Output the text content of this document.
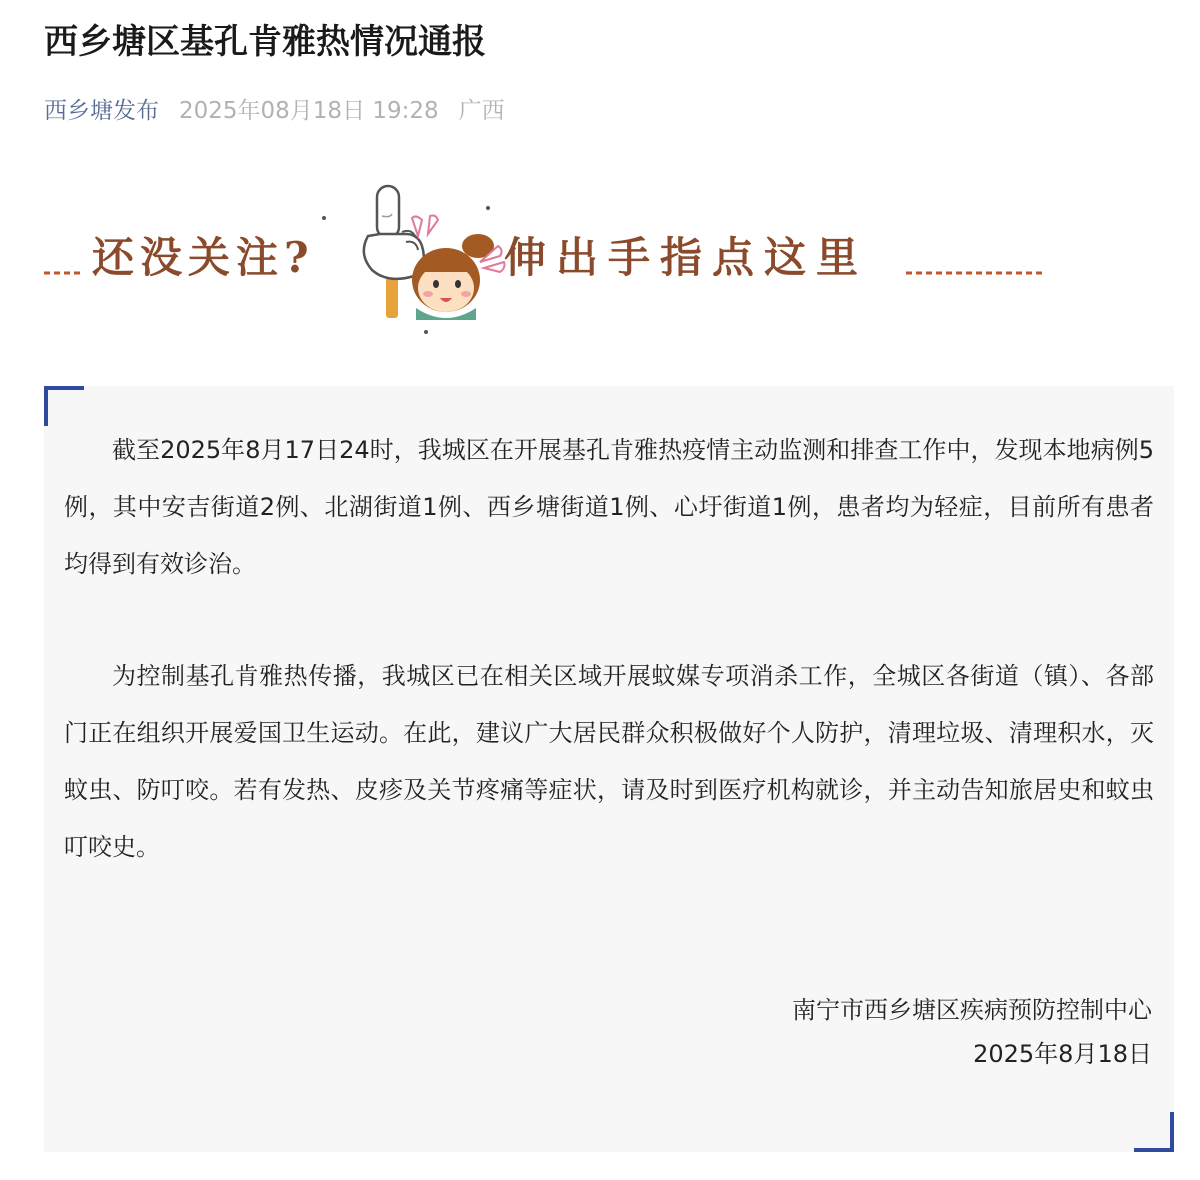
西乡塘区基孔肯雅热情况通报
西乡塘发布 2025年08月18日 19:28 广西
还没关注?	伸出手指点这里

截至2025年8月17日24时，我城区在开展基孔肯雅热疫情主动监测和排查工作中，发现本地病例5例，其中安吉街道2例、北湖街道1例、西乡塘街道1例、心圩街道1例，患者均为轻症，目前所有患者均得到有效诊治。

为控制基孔肯雅热传播，我城区已在相关区域开展蚊媒专项消杀工作，全城区各街道（镇）、各部门正在组织开展爱国卫生运动。在此，建议广大居民群众积极做好个人防护，清理垃圾、清理积水，灭蚊虫、防叮咬。若有发热、皮疹及关节疼痛等症状，请及时到医疗机构就诊，并主动告知旅居史和蚊虫叮咬史。

南宁市西乡塘区疾病预防控制中心
2025年8月18日
